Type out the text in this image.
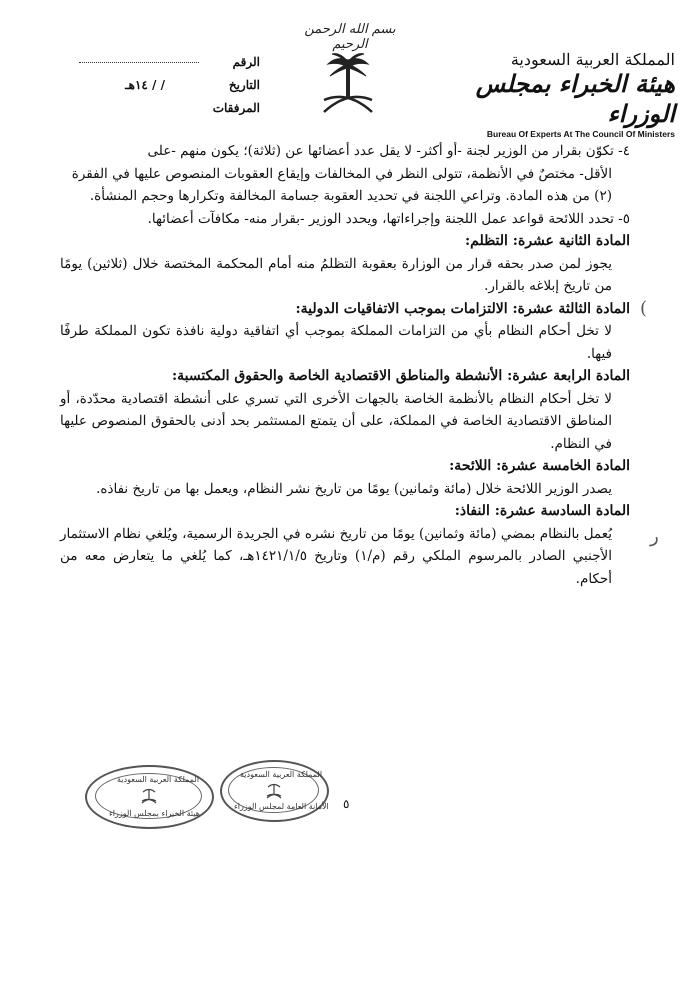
بسم الله الرحمن الرحيم
الرقم
التاريخ/ / ١٤هـ
المرفقات
المملكة العربية السعودية
هيئة الخبراء بمجلس الوزراء
Bureau Of Experts At The Council Of Ministers

٤- تكوّن بقرار من الوزير لجنة -أو أكثر- لا يقل عدد أعضائها عن (ثلاثة)؛ يكون منهم -على

الأقل- مختصٌ في الأنظمة، تتولى النظر في المخالفات وإيقاع العقوبات المنصوص عليها في الفقرة

(٢) من هذه المادة. وتراعي اللجنة في تحديد العقوبة جسامة المخالفة وتكرارها وحجم المنشأة.

٥- تحدد اللائحة قواعد عمل اللجنة وإجراءاتها، ويحدد الوزير -بقرار منه- مكافآت أعضائها.

المادة الثانية عشرة: التظلم:

يجوز لمن صدر بحقه قرار من الوزارة بعقوبة التظلمُ منه أمام المحكمة المختصة خلال (ثلاثين) يومًا من تاريخ إبلاغه بالقرار.

المادة الثالثة عشرة: الالتزامات بموجب الاتفاقيات الدولية:

لا تخل أحكام النظام بأي من التزامات المملكة بموجب أي اتفاقية دولية نافذة تكون المملكة طرفًا فيها.

المادة الرابعة عشرة: الأنشطة والمناطق الاقتصادية الخاصة والحقوق المكتسبة:

لا تخل أحكام النظام بالأنظمة الخاصة بالجهات الأخرى التي تسري على أنشطة اقتصادية محدّدة، أو المناطق الاقتصادية الخاصة في المملكة، على أن يتمتع المستثمر بحد أدنى بالحقوق المنصوص عليها في النظام.

المادة الخامسة عشرة: اللائحة:

يصدر الوزير اللائحة خلال (مائة وثمانين) يومًا من تاريخ نشر النظام، ويعمل بها من تاريخ نفاذه.

المادة السادسة عشرة: النفاذ:

يُعمل بالنظام بمضي (مائة وثمانين) يومًا من تاريخ نشره في الجريدة الرسمية، ويُلغي نظام الاستثمار الأجنبي الصادر بالمرسوم الملكي رقم (م/١) وتاريخ ١٤٢١/١/٥هـ، كما يُلغي ما يتعارض معه من أحكام.

(
ر
المملكة العربية السعودية
هيئة الخبراء بمجلس الوزراء
المملكة العربية السعودية
الأمانة العامة لمجلس الوزراء ٥
